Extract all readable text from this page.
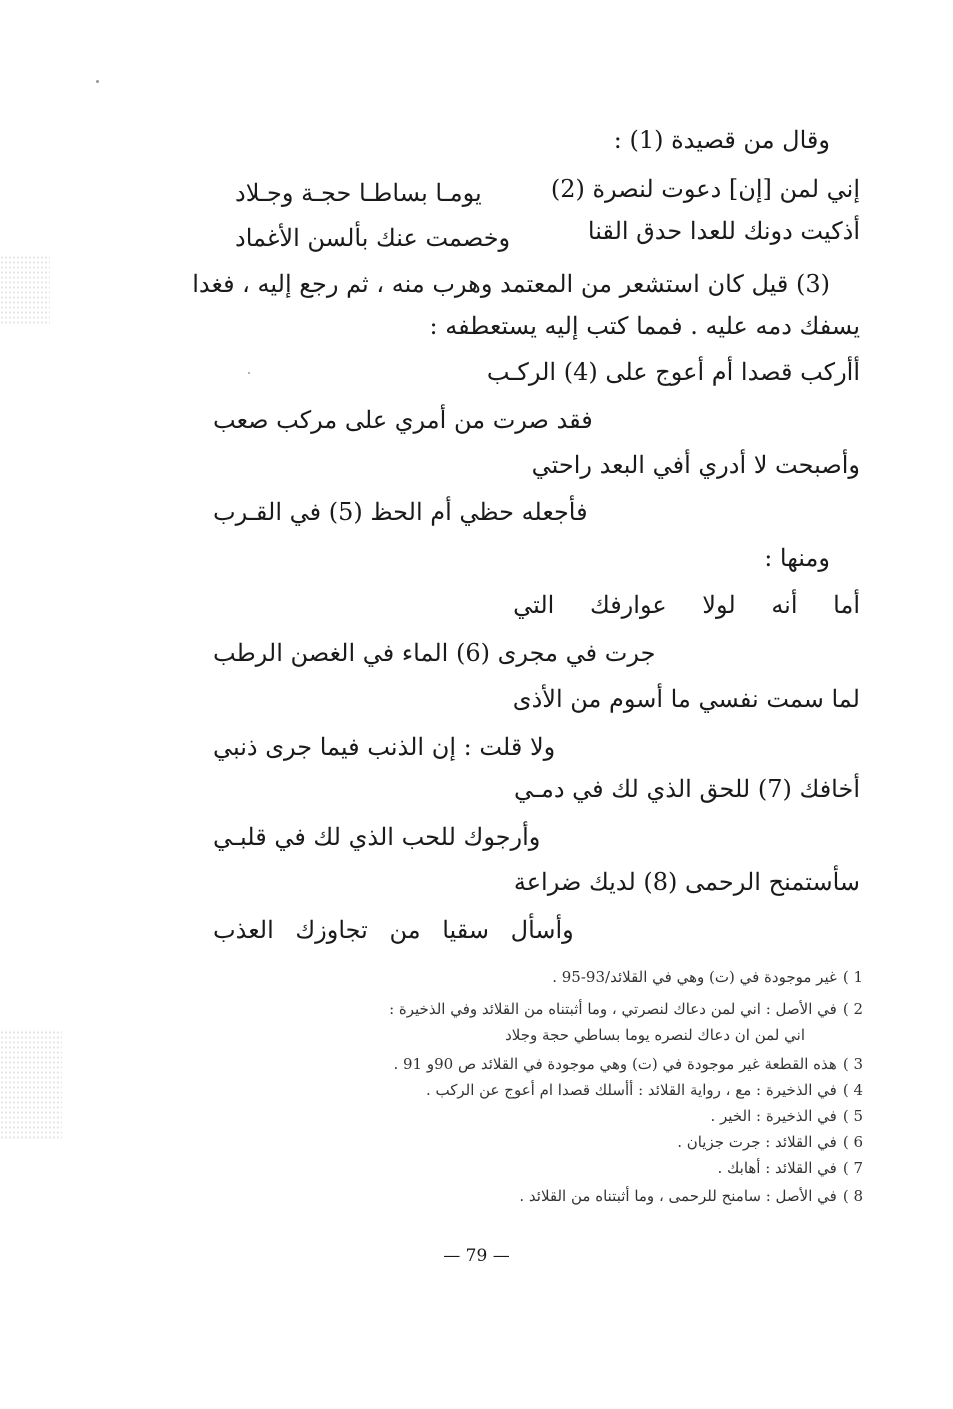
وقال من قصيدة (1) :
إني لمن [إن] دعوت لنصرة (2)
يومـا بساطـا حجـة وجـلاد
أذكيت دونك للعدا حدق القنا
وخصمت عنك بألسن الأغماد
(3) قيل كان استشعر من المعتمد وهرب منه ، ثم رجع إليه ، فغدا
يسفك دمه عليه . فمما كتب إليه يستعطفه :
أأركب قصدا أم أعوج على (4) الركـب
فقد صرت من أمري على مركب صعب
وأصبحت لا أدري أفي البعد راحتي
فأجعله حظي أم الحظ (5) في القـرب
ومنها :
أما أنه لولا عوارفك التي
جرت في مجرى (6) الماء في الغصن الرطب
لما سمت نفسي ما أسوم من الأذى
ولا قلت : إن الذنب فيما جرى ذنبي
أخافك (7) للحق الذي لك في دمـي
وأرجوك للحب الذي لك في قلبـي
سأستمنح الرحمى (8) لديك ضراعة
وأسأل سقيا من تجاوزك العذب
1 )غير موجودة في (ت) وهي في القلائد/93-95 .
2 )في الأصل : اني لمن دعاك لنصرتي ، وما أثبتناه من القلائد وفي الذخيرة :
اني لمن ان دعاك لنصره يوما بساطي حجة وجلاد
3 )هذه القطعة غير موجودة في (ت) وهي موجودة في القلائد ص 90و 91 .
4 )في الذخيرة : مع ، رواية القلائد : أأسلك قصدا ام أعوج عن الركب .
5 )في الذخيرة : الخير .
6 )في القلائد : جرت جزيان .
7 )في القلائد : أهابك .
8 )في الأصل : سامنح للرحمى ، وما أثبتناه من القلائد .
— 79 —
